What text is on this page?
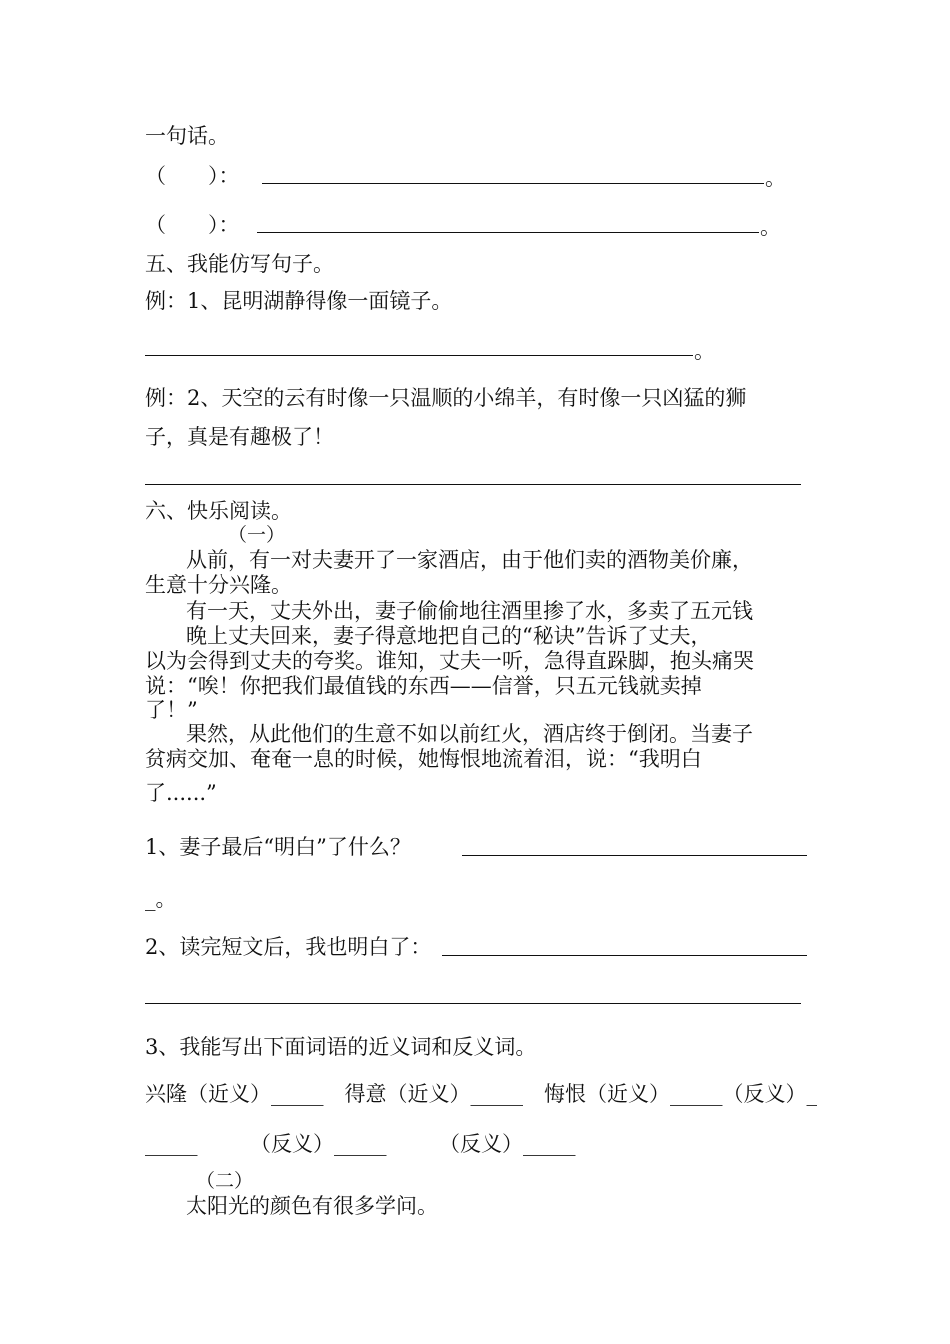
一句话。
（　　）：	。
（　　）：	。
五、我能仿写句子。
例：1、昆明湖静得像一面镜子。
。
例：2、天空的云有时像一只温顺的小绵羊，有时像一只凶猛的狮
子，真是有趣极了！
六、快乐阅读。
（一）
从前，有一对夫妻开了一家酒店，由于他们卖的酒物美价廉，
生意十分兴隆。
有一天，丈夫外出，妻子偷偷地往酒里掺了水，多卖了五元钱
晚上丈夫回来，妻子得意地把自己的“秘诀”告诉了丈夫，
以为会得到丈夫的夸奖。谁知，丈夫一听，急得直跺脚，抱头痛哭
说：“唉！你把我们最值钱的东西——信誉，只五元钱就卖掉
了！”
果然，从此他们的生意不如以前红火，酒店终于倒闭。当妻子
贫病交加、奄奄一息的时候，她悔恨地流着泪，说：“我明白
了......”
1、妻子最后“明白”了什么？
_。
2、读完短文后，我也明白了：
3、我能写出下面词语的近义词和反义词。
兴隆（近义）_____　得意（近义）_____　悔恨（近义）_____（反义）_
_____　　　（反义）_____　　　（反义）_____
（二）
太阳光的颜色有很多学问。
